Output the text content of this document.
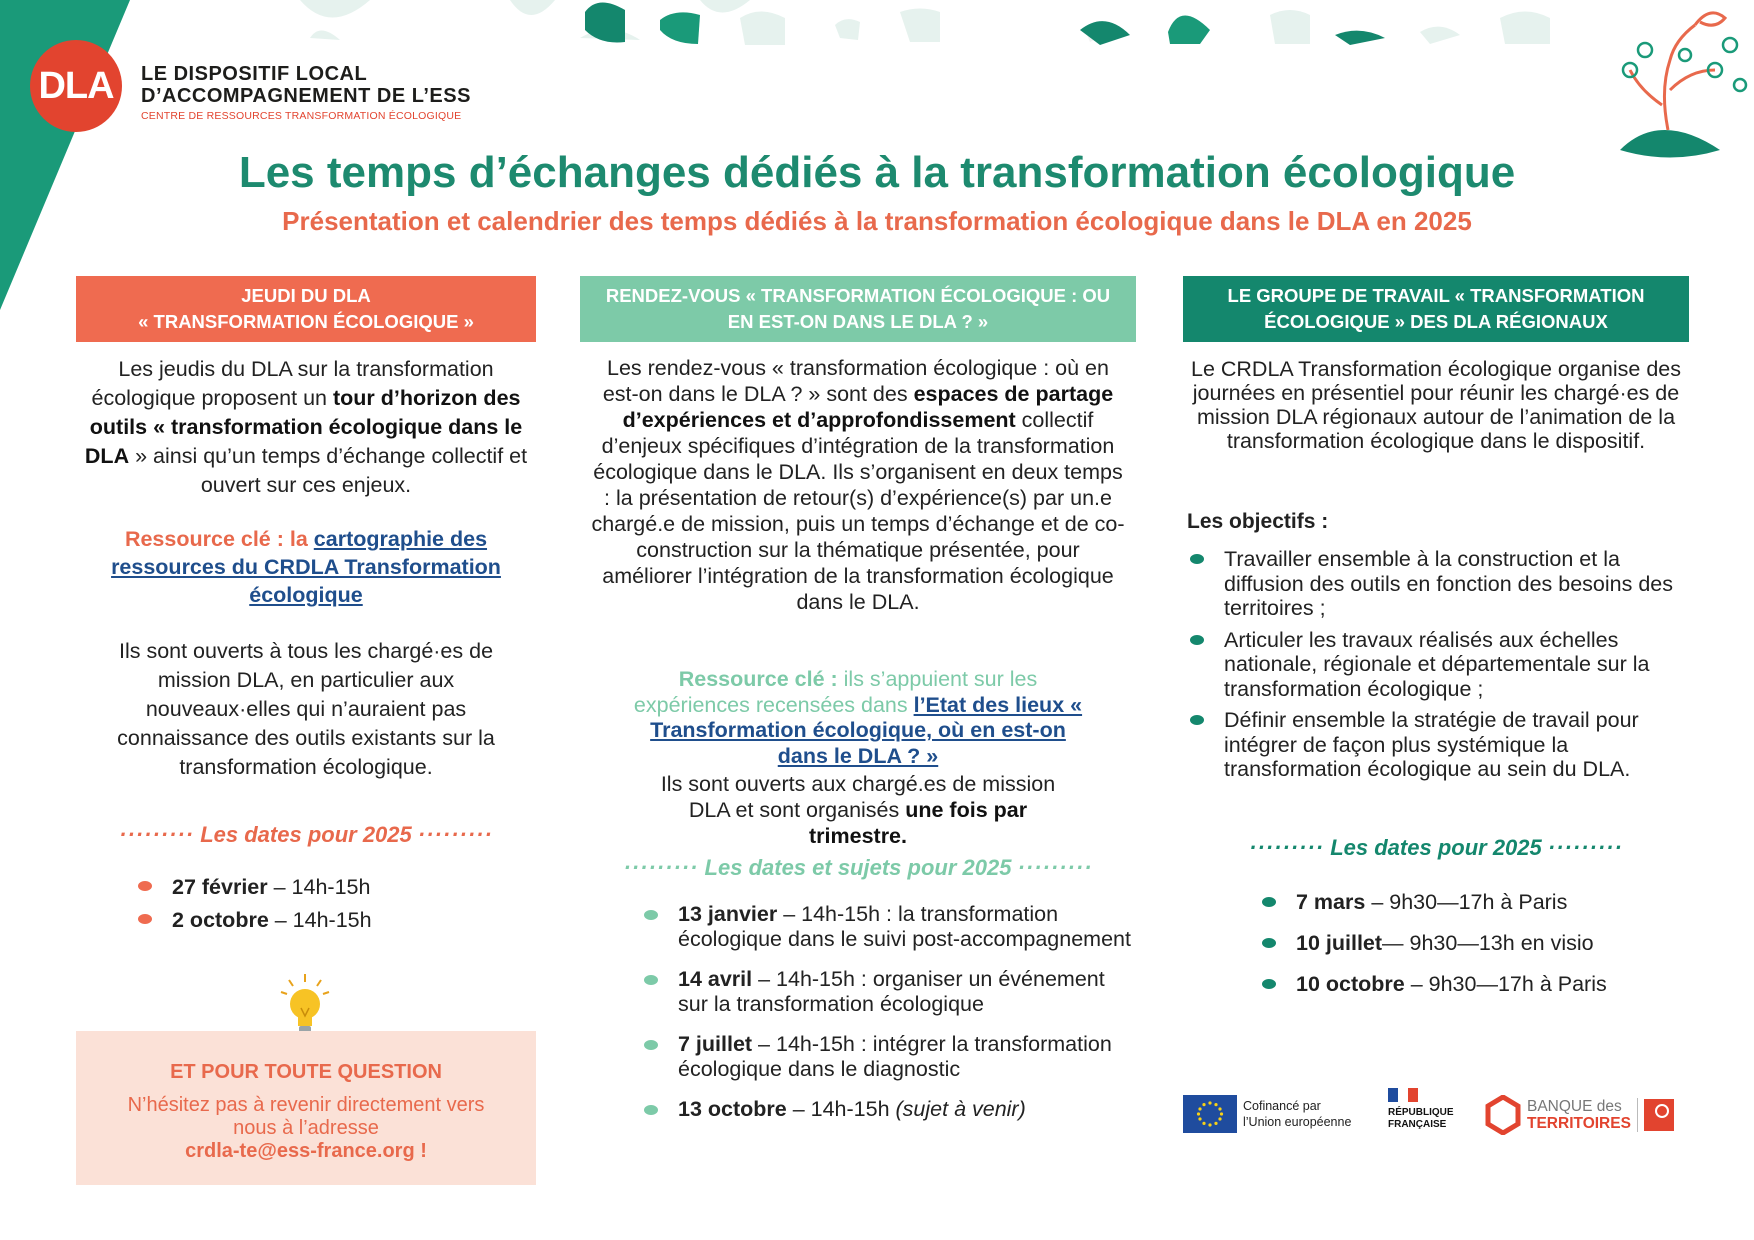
DLA	LE DISPOSITIF LOCAL
D’ACCOMPAGNEMENT DE L’ESS
CENTRE DE RESSOURCES TRANSFORMATION ÉCOLOGIQUE
Les temps d’échanges dédiés à la transformation écologique
Présentation et calendrier des temps dédiés à la transformation écologique dans le DLA en 2025
JEUDI DU DLA
« TRANSFORMATION ÉCOLOGIQUE »
Les jeudis du DLA sur la transformation écologique proposent un tour d’horizon des outils « transformation écologique dans le DLA » ainsi qu’un temps d’échange collectif et ouvert sur ces enjeux.
Ressource clé : la cartographie des ressources du CRDLA Transformation écologique
Ils sont ouverts à tous les chargé·es de mission DLA, en particulier aux nouveaux·elles qui n’auraient pas connaissance des outils existants sur la transformation écologique.
········· Les dates pour 2025 ·········
27 février – 14h-15h
2 octobre – 14h-15h
ET POUR TOUTE QUESTION
N’hésitez pas à revenir directement vers nous à l’adresse
crdla-te@ess-france.org !
RENDEZ-VOUS « TRANSFORMATION ÉCOLOGIQUE : OU
EN EST-ON DANS LE DLA ? »
Les rendez-vous « transformation écologique : où en est-on dans le DLA ? » sont des espaces de partage d’expériences et d’approfondissement collectif d’enjeux spécifiques d’intégration de la transformation écologique dans le DLA. Ils s’organisent en deux temps : la présentation de retour(s) d’expérience(s) par un.e chargé.e de mission, puis un temps d’échange et de co-construction sur la thématique présentée, pour améliorer l’intégration de la transformation écologique dans le DLA.
Ressource clé : ils s’appuient sur les expériences recensées dans l’Etat des lieux « Transformation écologique, où en est-on dans le DLA ? »
Ils sont ouverts aux chargé.es de mission DLA et sont organisés une fois par trimestre.
········· Les dates et sujets pour 2025 ·········
13 janvier – 14h-15h : la transformation écologique dans le suivi post-accompagnement
14 avril – 14h-15h : organiser un événement sur la transformation écologique
7 juillet – 14h-15h : intégrer la transformation écologique dans le diagnostic
13 octobre – 14h-15h (sujet à venir)
LE GROUPE DE TRAVAIL « TRANSFORMATION
ÉCOLOGIQUE » DES DLA RÉGIONAUX
Le CRDLA Transformation écologique organise des journées en présentiel pour réunir les chargé·es de mission DLA régionaux autour de l’animation de la transformation écologique dans le dispositif.
Les objectifs :
Travailler ensemble à la construction et la diffusion des outils en fonction des besoins des territoires ;
Articuler les travaux réalisés aux échelles nationale, régionale et départementale sur la transformation écologique ;
Définir ensemble la stratégie de travail pour intégrer de façon plus systémique la transformation écologique au sein du DLA.
········· Les dates pour 2025 ·········
7 mars – 9h30—17h à Paris
10 juillet— 9h30—13h en visio
10 octobre – 9h30—17h à Paris
Cofinancé par
l’Union européenne
RÉPUBLIQUE
FRANÇAISE
BANQUE des
TERRITOIRES
